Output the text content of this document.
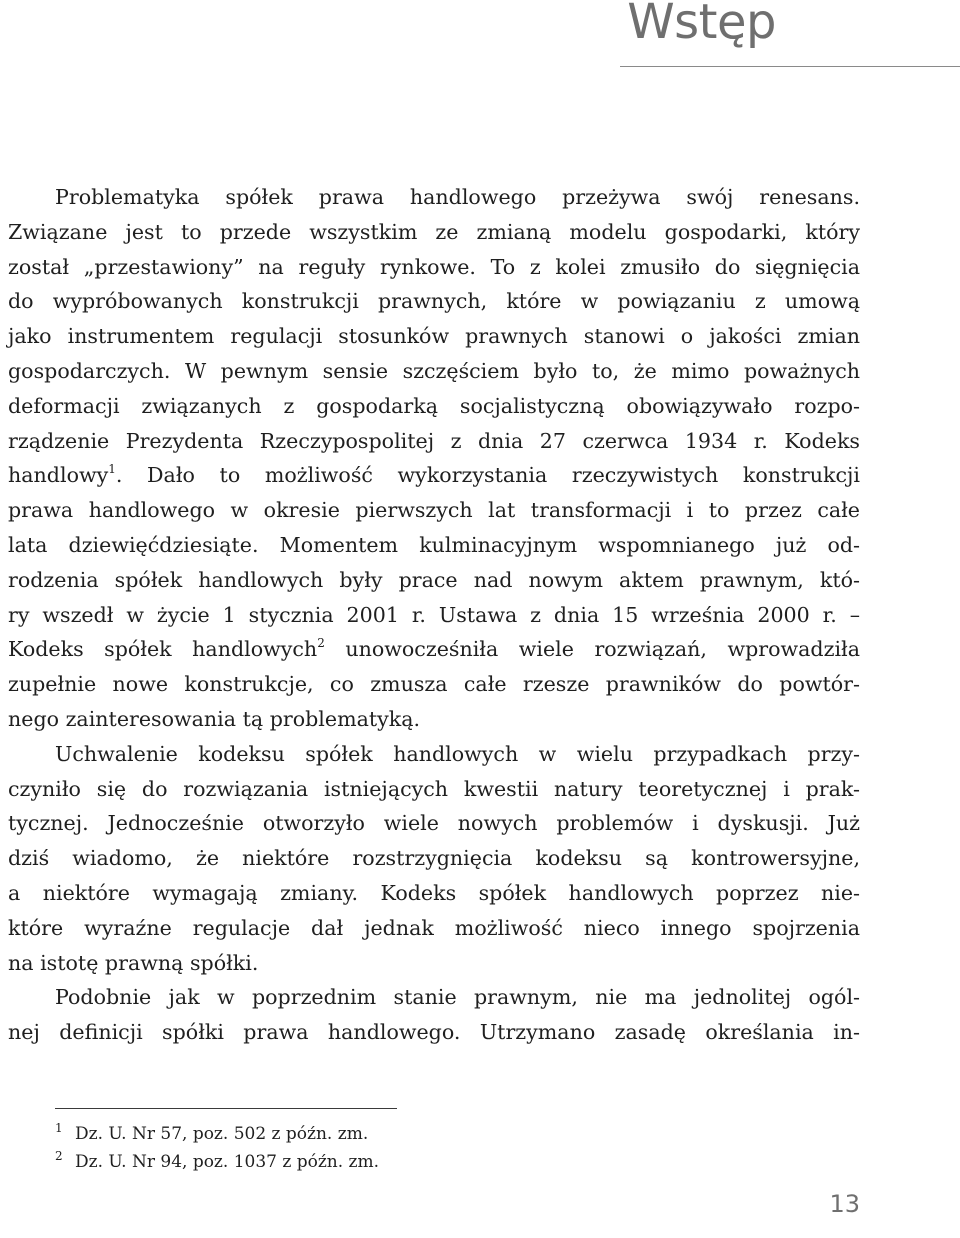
Wstęp
Problematyka spółek prawa handlowego przeżywa swój renesans.
Związane jest to przede wszystkim ze zmianą modelu gospodarki, który
został „przestawiony” na reguły rynkowe. To z kolei zmusiło do sięgnięcia
do wypróbowanych konstrukcji prawnych, które w powiązaniu z umową
jako instrumentem regulacji stosunków prawnych stanowi o jakości zmian
gospodarczych. W pewnym sensie szczęściem było to, że mimo poważnych
deformacji związanych z gospodarką socjalistyczną obowiązywało rozpo-
rządzenie Prezydenta Rzeczypospolitej z dnia 27 czerwca 1934 r. Kodeks
handlowy$^1$. Dało to możliwość wykorzystania rzeczywistych konstrukcji
prawa handlowego w okresie pierwszych lat transformacji i to przez całe
lata dziewięćdziesiąte. Momentem kulminacyjnym wspomnianego już od-
rodzenia spółek handlowych były prace nad nowym aktem prawnym, któ-
ry wszedł w życie 1 stycznia 2001 r. Ustawa z dnia 15 września 2000 r. –
Kodeks spółek handlowych$^2$ unowocześniła wiele rozwiązań, wprowadziła
zupełnie nowe konstrukcje, co zmusza całe rzesze prawników do powtór-
nego zainteresowania tą problematyką.
Uchwalenie kodeksu spółek handlowych w wielu przypadkach przy-
czyniło się do rozwiązania istniejących kwestii natury teoretycznej i prak-
tycznej. Jednocześnie otworzyło wiele nowych problemów i dyskusji. Już
dziś wiadomo, że niektóre rozstrzygnięcia kodeksu są kontrowersyjne,
a niektóre wymagają zmiany. Kodeks spółek handlowych poprzez nie-
które wyraźne regulacje dał jednak możliwość nieco innego spojrzenia
na istotę prawną spółki.
Podobnie jak w poprzednim stanie prawnym, nie ma jednolitej ogól-
nej definicji spółki prawa handlowego. Utrzymano zasadę określania in-
1 Dz. U. Nr 57, poz. 502 z późn. zm.
2 Dz. U. Nr 94, poz. 1037 z późn. zm.
13
